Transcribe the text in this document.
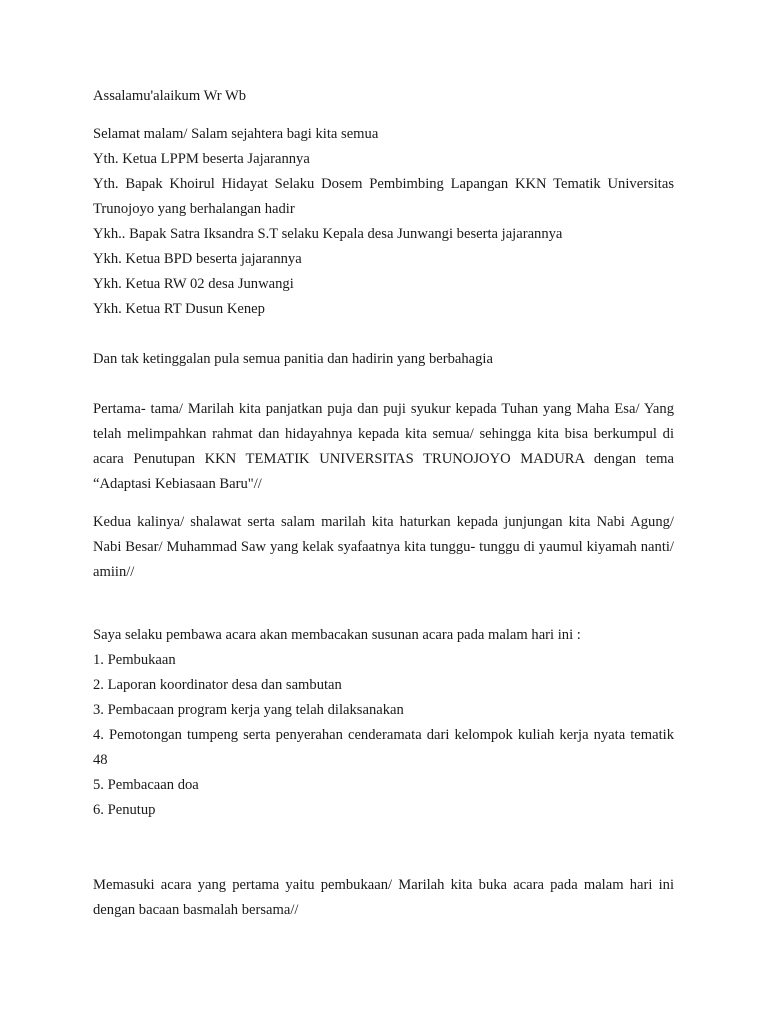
Assalamu'alaikum Wr Wb
Selamat malam/ Salam sejahtera bagi kita semua
Yth. Ketua LPPM beserta Jajarannya
Yth. Bapak Khoirul Hidayat Selaku Dosem Pembimbing Lapangan KKN Tematik Universitas Trunojoyo yang berhalangan hadir
Ykh.. Bapak Satra Iksandra S.T selaku Kepala desa Junwangi beserta jajarannya
Ykh. Ketua BPD beserta jajarannya
Ykh. Ketua RW 02 desa Junwangi
Ykh. Ketua RT Dusun Kenep
Dan tak ketinggalan pula semua panitia dan hadirin yang berbahagia
Pertama- tama/ Marilah kita panjatkan puja dan puji syukur kepada Tuhan yang Maha Esa/ Yang telah melimpahkan rahmat dan hidayahnya kepada kita semua/ sehingga kita bisa berkumpul di acara Penutupan KKN TEMATIK UNIVERSITAS TRUNOJOYO MADURA dengan tema “Adaptasi Kebiasaan Baru"//
Kedua kalinya/ shalawat serta salam marilah kita haturkan kepada junjungan kita Nabi Agung/ Nabi Besar/ Muhammad Saw yang kelak syafaatnya kita tunggu- tunggu di yaumul kiyamah nanti/ amiin//
Saya selaku pembawa acara akan membacakan susunan acara pada malam hari ini :
1. Pembukaan
2. Laporan koordinator desa dan sambutan
3. Pembacaan program kerja yang telah dilaksanakan
4. Pemotongan tumpeng serta penyerahan cenderamata dari kelompok kuliah kerja nyata tematik 48
5. Pembacaan doa
6. Penutup
Memasuki acara yang pertama yaitu pembukaan/ Marilah kita buka acara pada malam hari ini dengan bacaan basmalah bersama//
